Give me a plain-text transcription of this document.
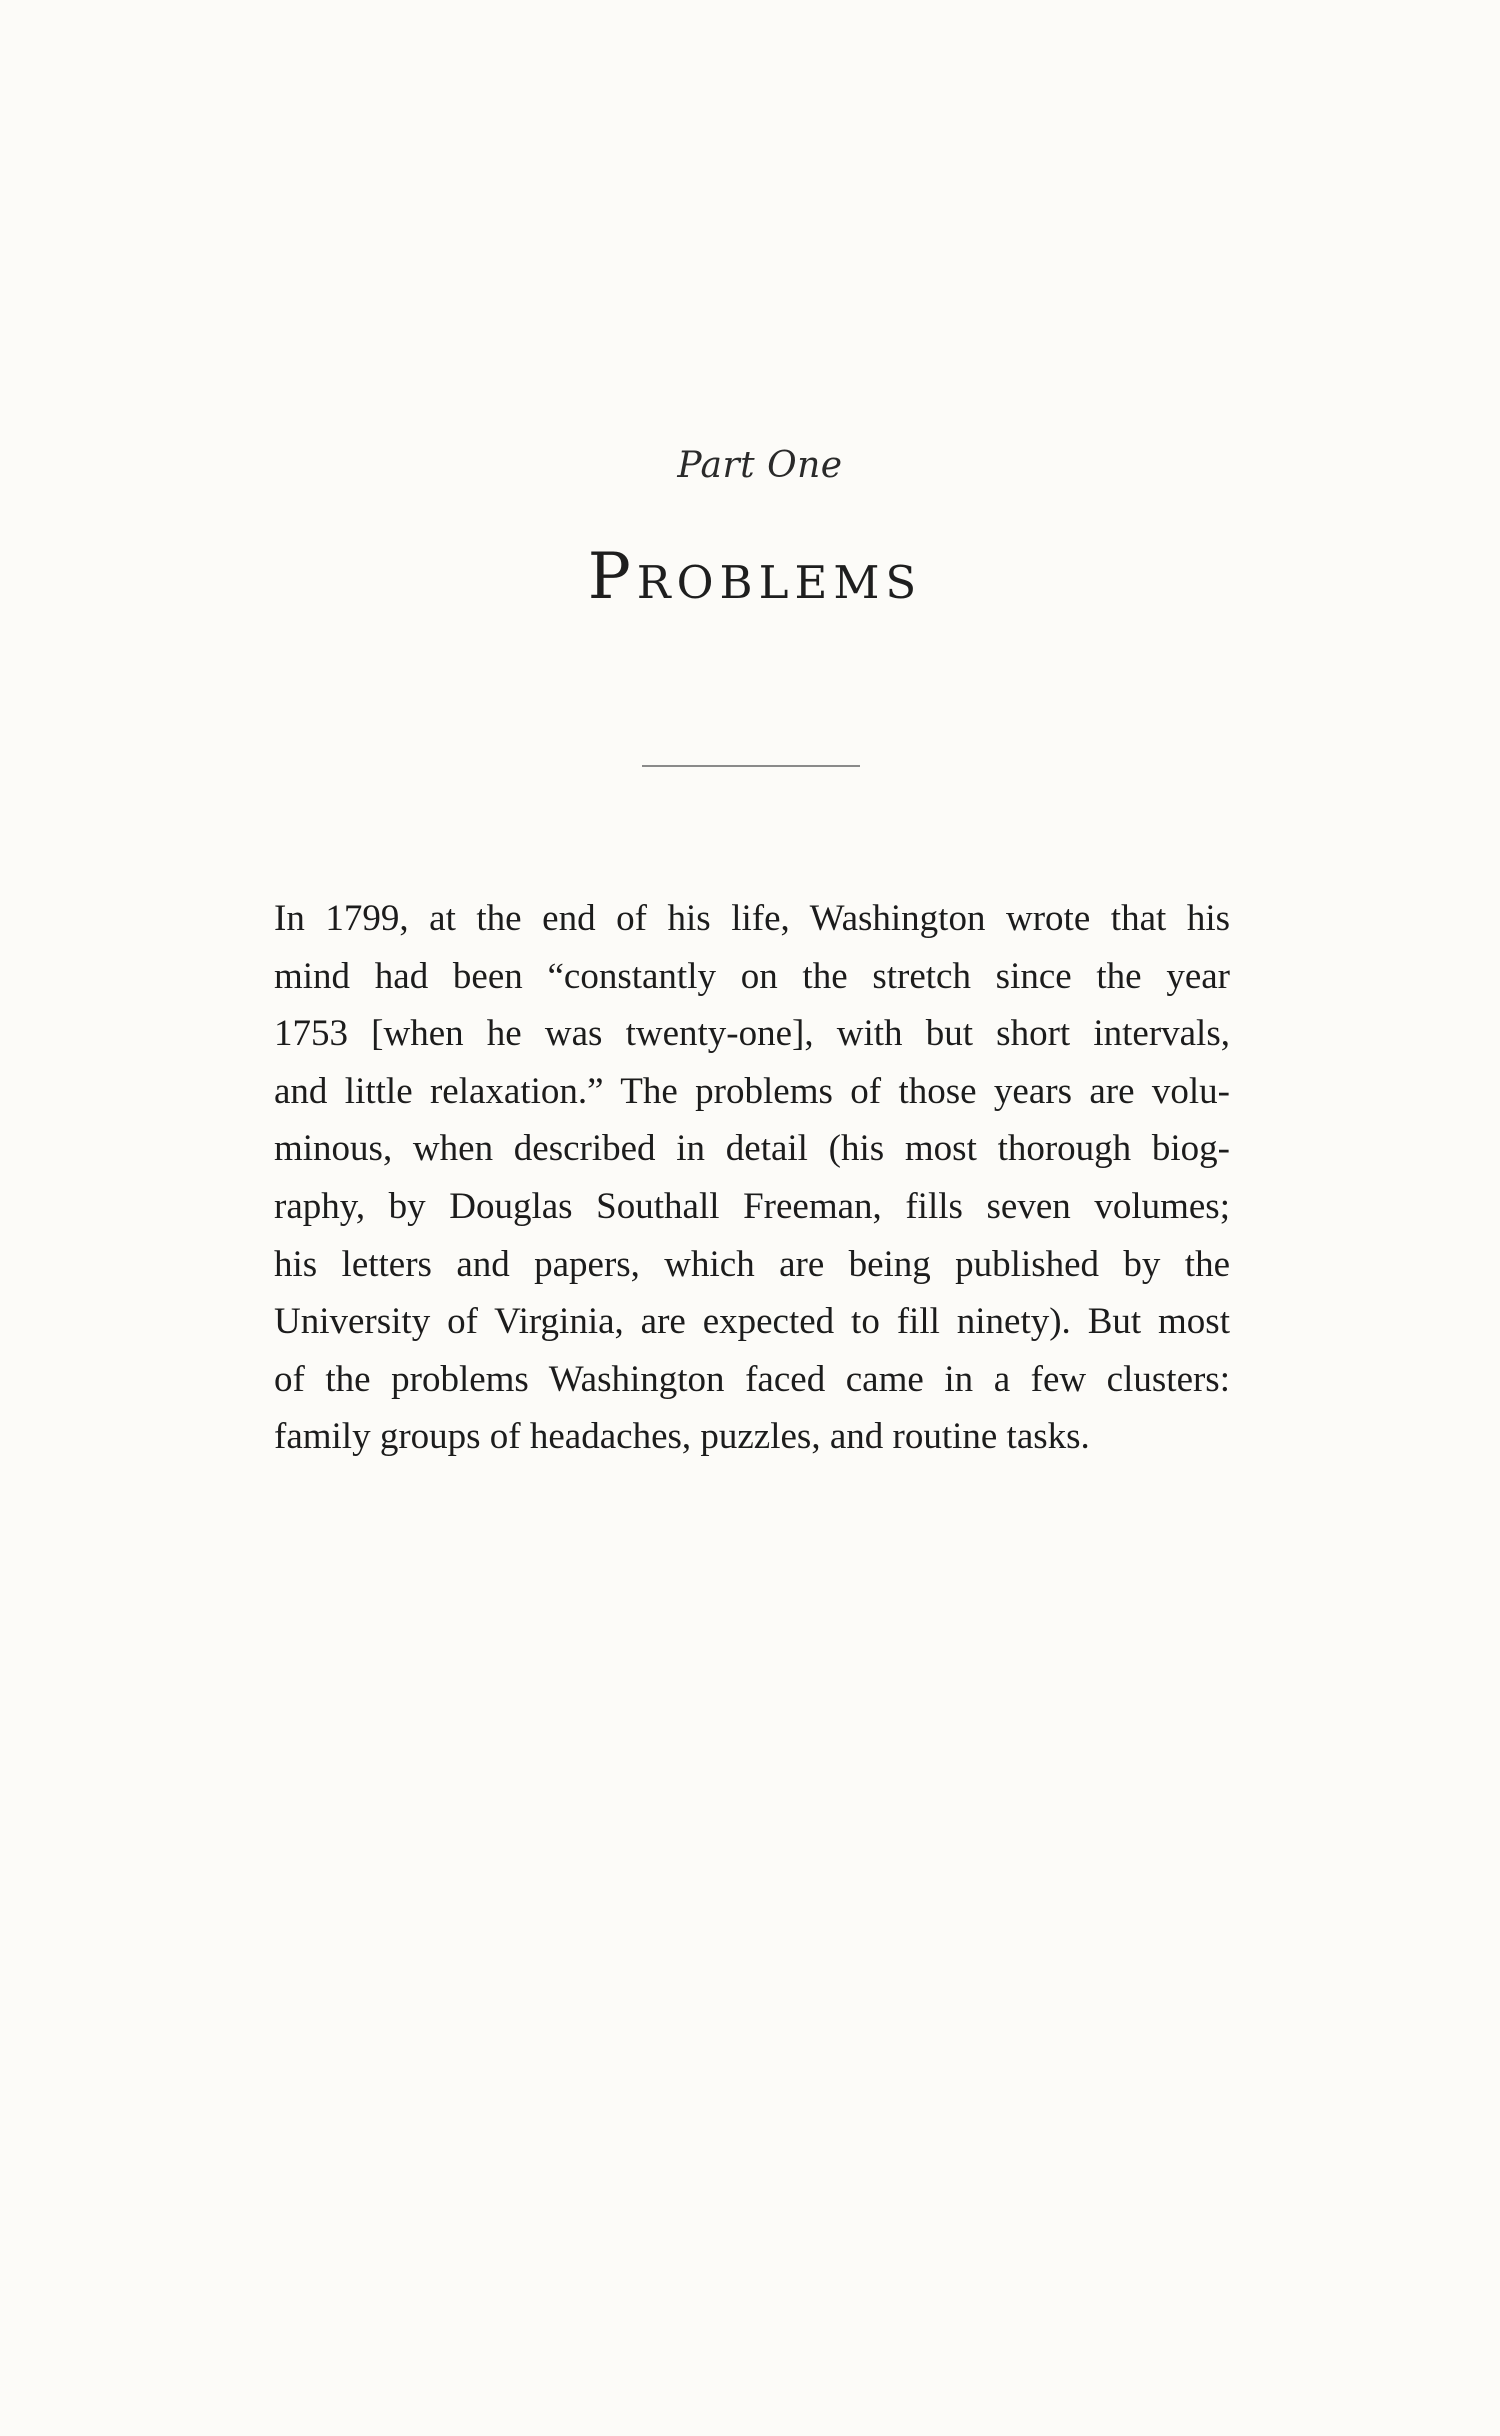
Part One
Problems

In 1799, at the end of his life, Washington wrote that his
mind had been “constantly on the stretch since the year
1753 [when he was twenty-one], with but short intervals,
and little relaxation.” The problems of those years are volu-
minous, when described in detail (his most thorough biog-
raphy, by Douglas Southall Freeman, fills seven volumes;
his letters and papers, which are being published by the
University of Virginia, are expected to fill ninety). But most
of the problems Washington faced came in a few clusters:
family groups of headaches, puzzles, and routine tasks.
